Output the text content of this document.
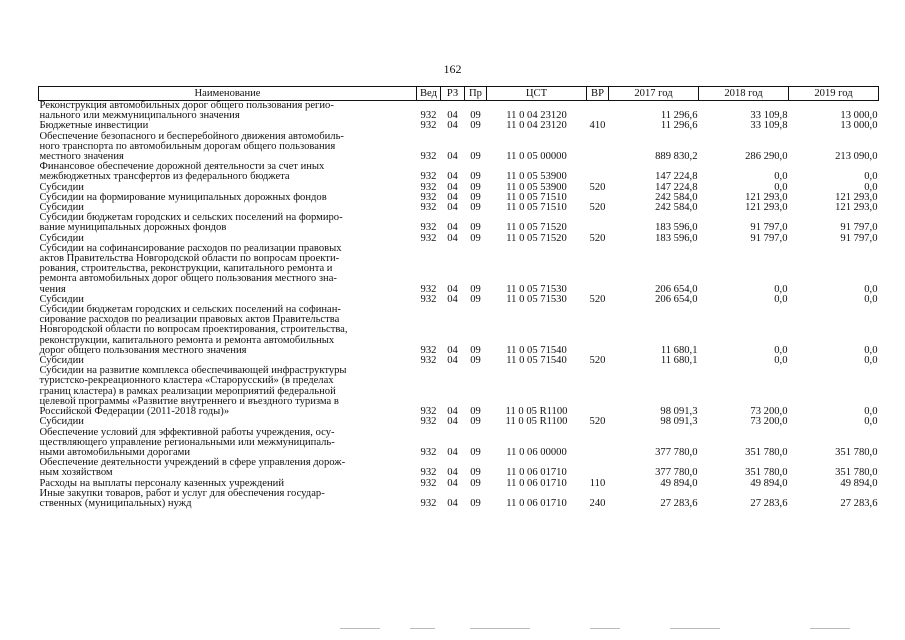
162
Наименование	Вед	РЗ	Пр	ЦСТ	ВР	2017 год	2018 год	2019 год
Реконструкция автомобильных дорог общего пользования регио-
нального или межмуниципального значения	932	04	09	11 0 04 23120		11 296,6	33 109,8	13 000,0
Бюджетные инвестиции	932	04	09	11 0 04 23120	410	11 296,6	33 109,8	13 000,0
Обеспечение безопасного и бесперебойного движения автомобиль-
ного транспорта по автомобильным дорогам общего пользования
местного значения	932	04	09	11 0 05 00000		889 830,2	286 290,0	213 090,0
Финансовое обеспечение дорожной деятельности за счет иных
межбюджетных трансфертов из федерального бюджета	932	04	09	11 0 05 53900		147 224,8	0,0	0,0
Субсидии	932	04	09	11 0 05 53900	520	147 224,8	0,0	0,0
Субсидии на формирование муниципальных дорожных фондов	932	04	09	11 0 05 71510		242 584,0	121 293,0	121 293,0
Субсидии	932	04	09	11 0 05 71510	520	242 584,0	121 293,0	121 293,0
Субсидии бюджетам городских и сельских поселений на формиро-
вание муниципальных дорожных фондов	932	04	09	11 0 05 71520		183 596,0	91 797,0	91 797,0
Субсидии	932	04	09	11 0 05 71520	520	183 596,0	91 797,0	91 797,0
Субсидии на софинансирование расходов по реализации правовых
актов Правительства Новгородской области по вопросам проекти-
рования, строительства, реконструкции, капитального ремонта и
ремонта автомобильных дорог общего пользования местного зна-
чения	932	04	09	11 0 05 71530		206 654,0	0,0	0,0
Субсидии	932	04	09	11 0 05 71530	520	206 654,0	0,0	0,0
Субсидии бюджетам городских и сельских поселений на софинан-
сирование расходов по реализации правовых актов Правительства
Новгородской области по вопросам проектирования, строительства,
реконструкции, капитального ремонта и ремонта автомобильных
дорог общего пользования местного значения	932	04	09	11 0 05 71540		11 680,1	0,0	0,0
Субсидии	932	04	09	11 0 05 71540	520	11 680,1	0,0	0,0
Субсидии на развитие комплекса обеспечивающей инфраструктуры
туристско-рекреационного кластера «Старорусский» (в пределах
границ кластера) в рамках реализации мероприятий федеральной
целевой программы «Развитие внутреннего и въездного туризма в
Российской Федерации (2011-2018 годы)»	932	04	09	11 0 05 R1100		98 091,3	73 200,0	0,0
Субсидии	932	04	09	11 0 05 R1100	520	98 091,3	73 200,0	0,0
Обеспечение условий для эффективной работы учреждения, осу-
ществляющего управление региональными или межмуниципаль-
ными автомобильными дорогами	932	04	09	11 0 06 00000		377 780,0	351 780,0	351 780,0
Обеспечение деятельности учреждений в сфере управления дорож-
ным хозяйством	932	04	09	11 0 06 01710		377 780,0	351 780,0	351 780,0
Расходы на выплаты персоналу казенных учреждений	932	04	09	11 0 06 01710	110	49 894,0	49 894,0	49 894,0
Иные закупки товаров, работ и услуг для обеспечения государ-
ственных (муниципальных) нужд	932	04	09	11 0 06 01710	240	27 283,6	27 283,6	27 283,6
